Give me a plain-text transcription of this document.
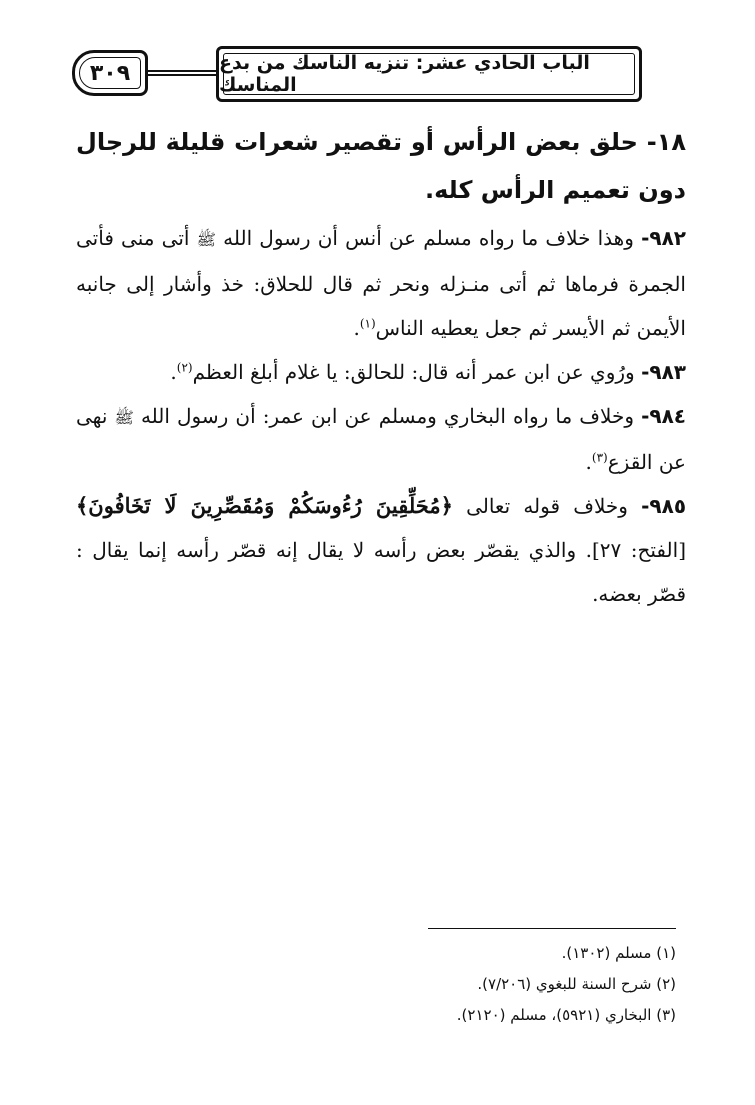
٣٠٩	الباب الحادي عشر: تنزيه الناسك من بدع المناسك

١٨- حلق بعض الرأس أو تقصير شعرات قليلة للرجال دون تعميم الرأس كله.

٩٨٢- وهذا خلاف ما رواه مسلم عن أنس أن رسول الله ﷺ أتى منى فأتى الجمرة فرماها ثم أتى منـزله ونحر ثم قال للحلاق: خذ وأشار إلى جانبه الأيمن ثم الأيسر ثم جعل يعطيه الناس$^{(١)}$.

٩٨٣- ورُوي عن ابن عمر أنه قال: للحالق: يا غلام أبلغ العظم$^{(٢)}$.

٩٨٤- وخلاف ما رواه البخاري ومسلم عن ابن عمر: أن رسول الله ﷺ نهى عن القزع$^{(٣)}$.

٩٨٥- وخلاف قوله تعالى ﴿مُحَلِّقِينَ رُءُوسَكُمْ وَمُقَصِّرِينَ لَا تَخَافُونَ﴾ [الفتح: ٢٧]. والذي يقصّر بعض رأسه لا يقال إنه قصّر رأسه إنما يقال : قصّر بعضه.

(١) مسلم (١٣٠٢).

(٢) شرح السنة للبغوي (٧/٢٠٦).

(٣) البخاري (٥٩٢١)، مسلم (٢١٢٠).
